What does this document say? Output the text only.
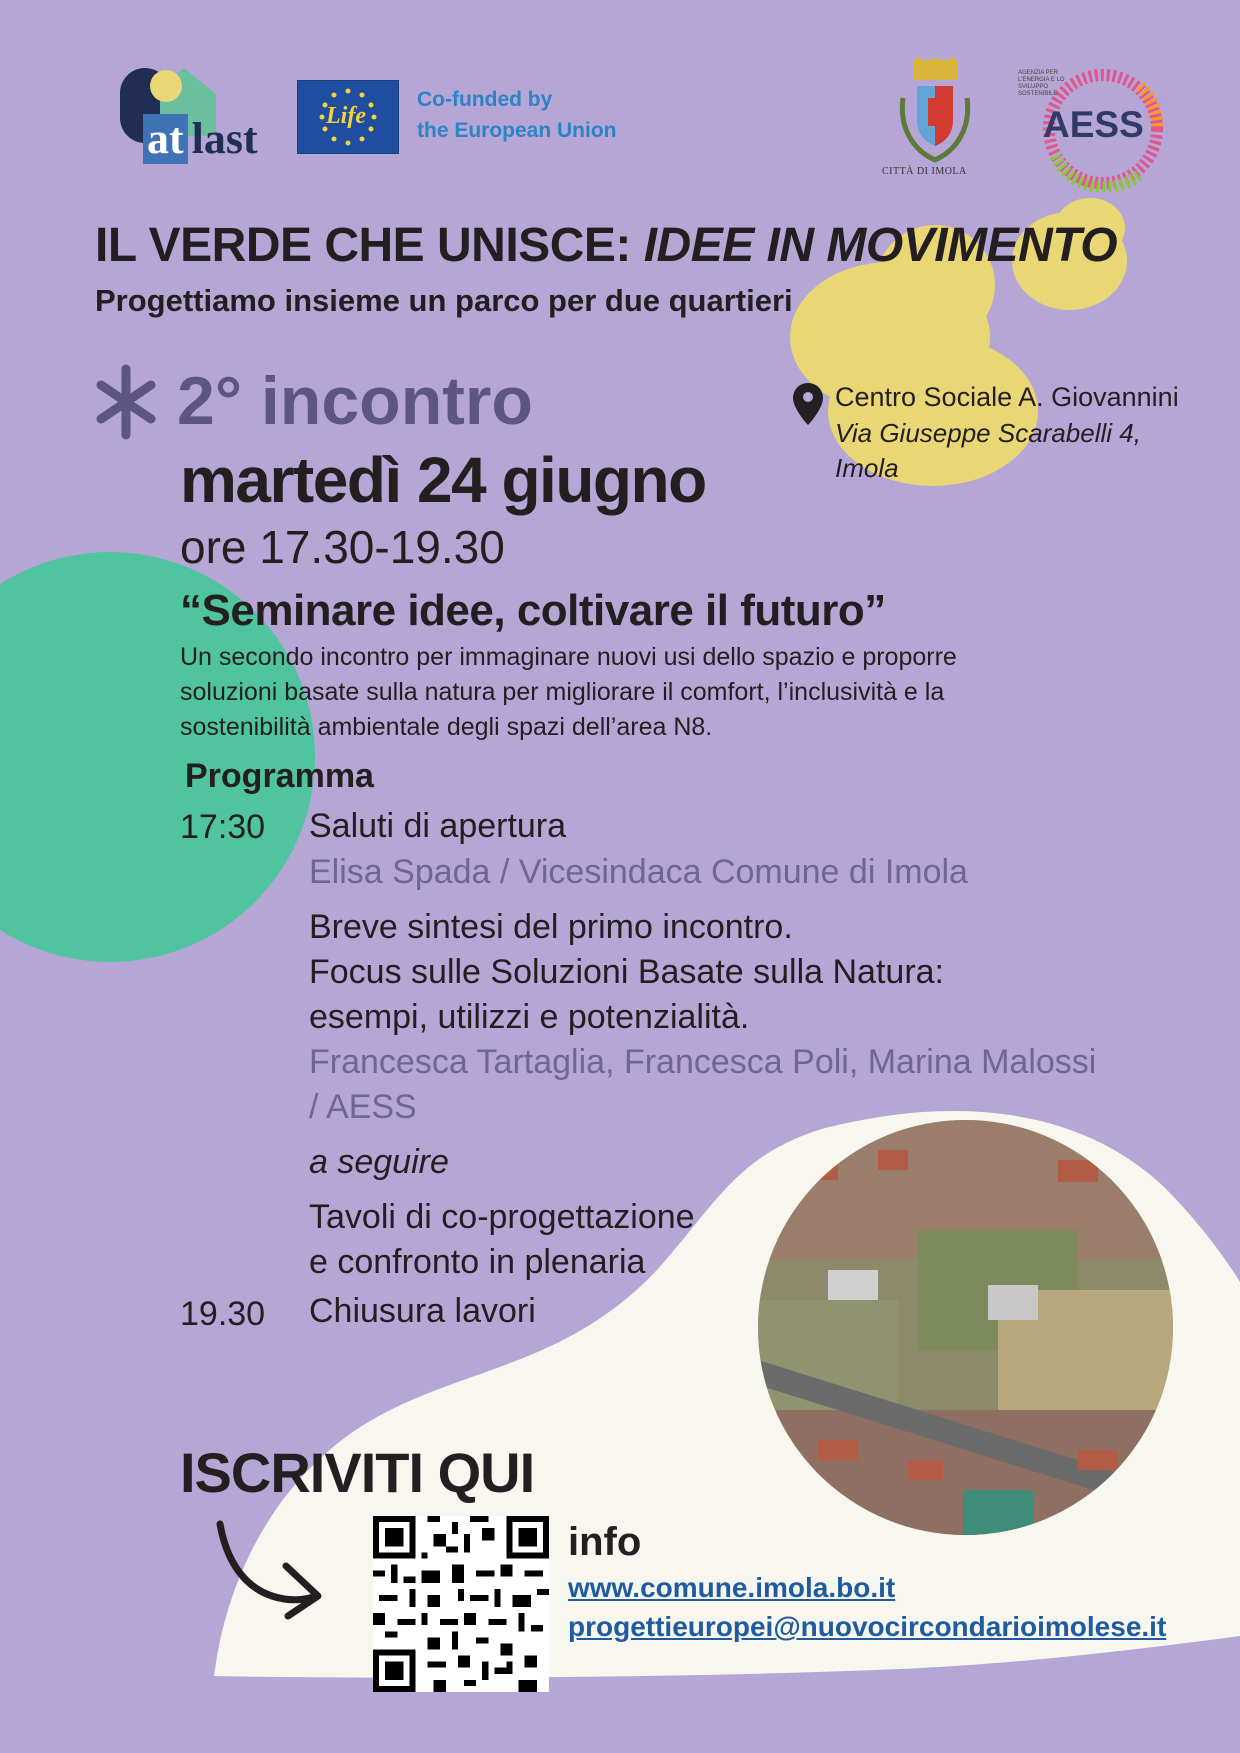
at last	Life
Co-funded by
the European Union
CITTÀ DI IMOLA
AGENZIA PER L'ENERGIA E LO SVILUPPO SOSTENIBILE
AESS
IL VERDE CHE UNISCE: IDEE IN MOVIMENTO
Progettiamo insieme un parco per due quartieri
2° incontro
martedì 24 giugno
ore 17.30-19.30
Centro Sociale A. Giovannini
Via Giuseppe Scarabelli 4,
Imola
“Seminare idee, coltivare il futuro”
Un secondo incontro per immaginare nuovi usi dello spazio e proporre
soluzioni basate sulla natura per migliorare il comfort, l’inclusività e la
sostenibilità ambientale degli spazi dell’area N8.
Programma
17:30 Saluti di apertura
Elisa Spada / Vicesindaca Comune di Imola
Breve sintesi del primo incontro.
Focus sulle Soluzioni Basate sulla Natura:
esempi, utilizzi e potenzialità.
Francesca Tartaglia, Francesca Poli, Marina Malossi
/ AESS
a seguire
Tavoli di co-progettazione
e confronto in plenaria
19.30 Chiusura lavori
ISCRIVITI QUI
info
www.comune.imola.bo.it
progettieuropei@nuovocircondarioimolese.it
